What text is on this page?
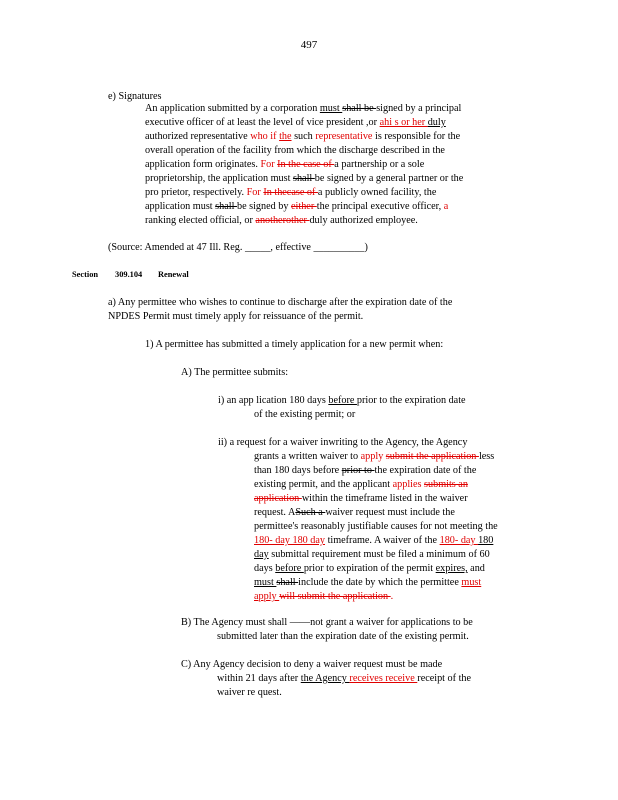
497
e) Signatures
An application submitted by a corporation must shall be signed by a principal
executive officer of at least the level of vice president ,or ahi s or her duly
authorized representative who if the such representative is responsible for the
overall operation of the facility from which the discharge described in the
application form originates. For In the case of a partnership or a sole
proprietorship, the application must shall be signed by a general partner or the
pro prietor, respectively. For In thecase of a publicly owned facility, the
application must shall be signed by either the principal executive officer, a
ranking elected official, or anotherother duly authorized employee.
(Source: Amended at 47 Ill. Reg. _____, effective __________)
Section 309.104 Renewal
a) Any permittee who wishes to continue to discharge after the expiration date of the
NPDES Permit must timely apply for reissuance of the permit.
1) A permittee has submitted a timely application for a new permit when:
A) The permittee submits:
i) an app lication 180 days before prior to the expiration date
of the existing permit; or
ii) a request for a waiver inwriting to the Agency, the Agency
grants a written waiver to apply submit the application less
than 180 days before prior to the expiration date of the
existing permit, and the applicant applies submits an
application within the timeframe listed in the waiver
request. ASuch a waiver request must include the
permittee's reasonably justifiable causes for not meeting the
180- day 180 day timeframe. A waiver of the 180- day 180
day submittal requirement must be filed a minimum of 60
days before prior to expiration of the permit expires, and
must shall include the date by which the permittee must
apply will submit the application .
B) The Agency must shall ——not grant a waiver for applications to be
submitted later than the expiration date of the existing permit.
C) Any Agency decision to deny a waiver request must be made
within 21 days after the Agency receives receive receipt of the
waiver re quest.
